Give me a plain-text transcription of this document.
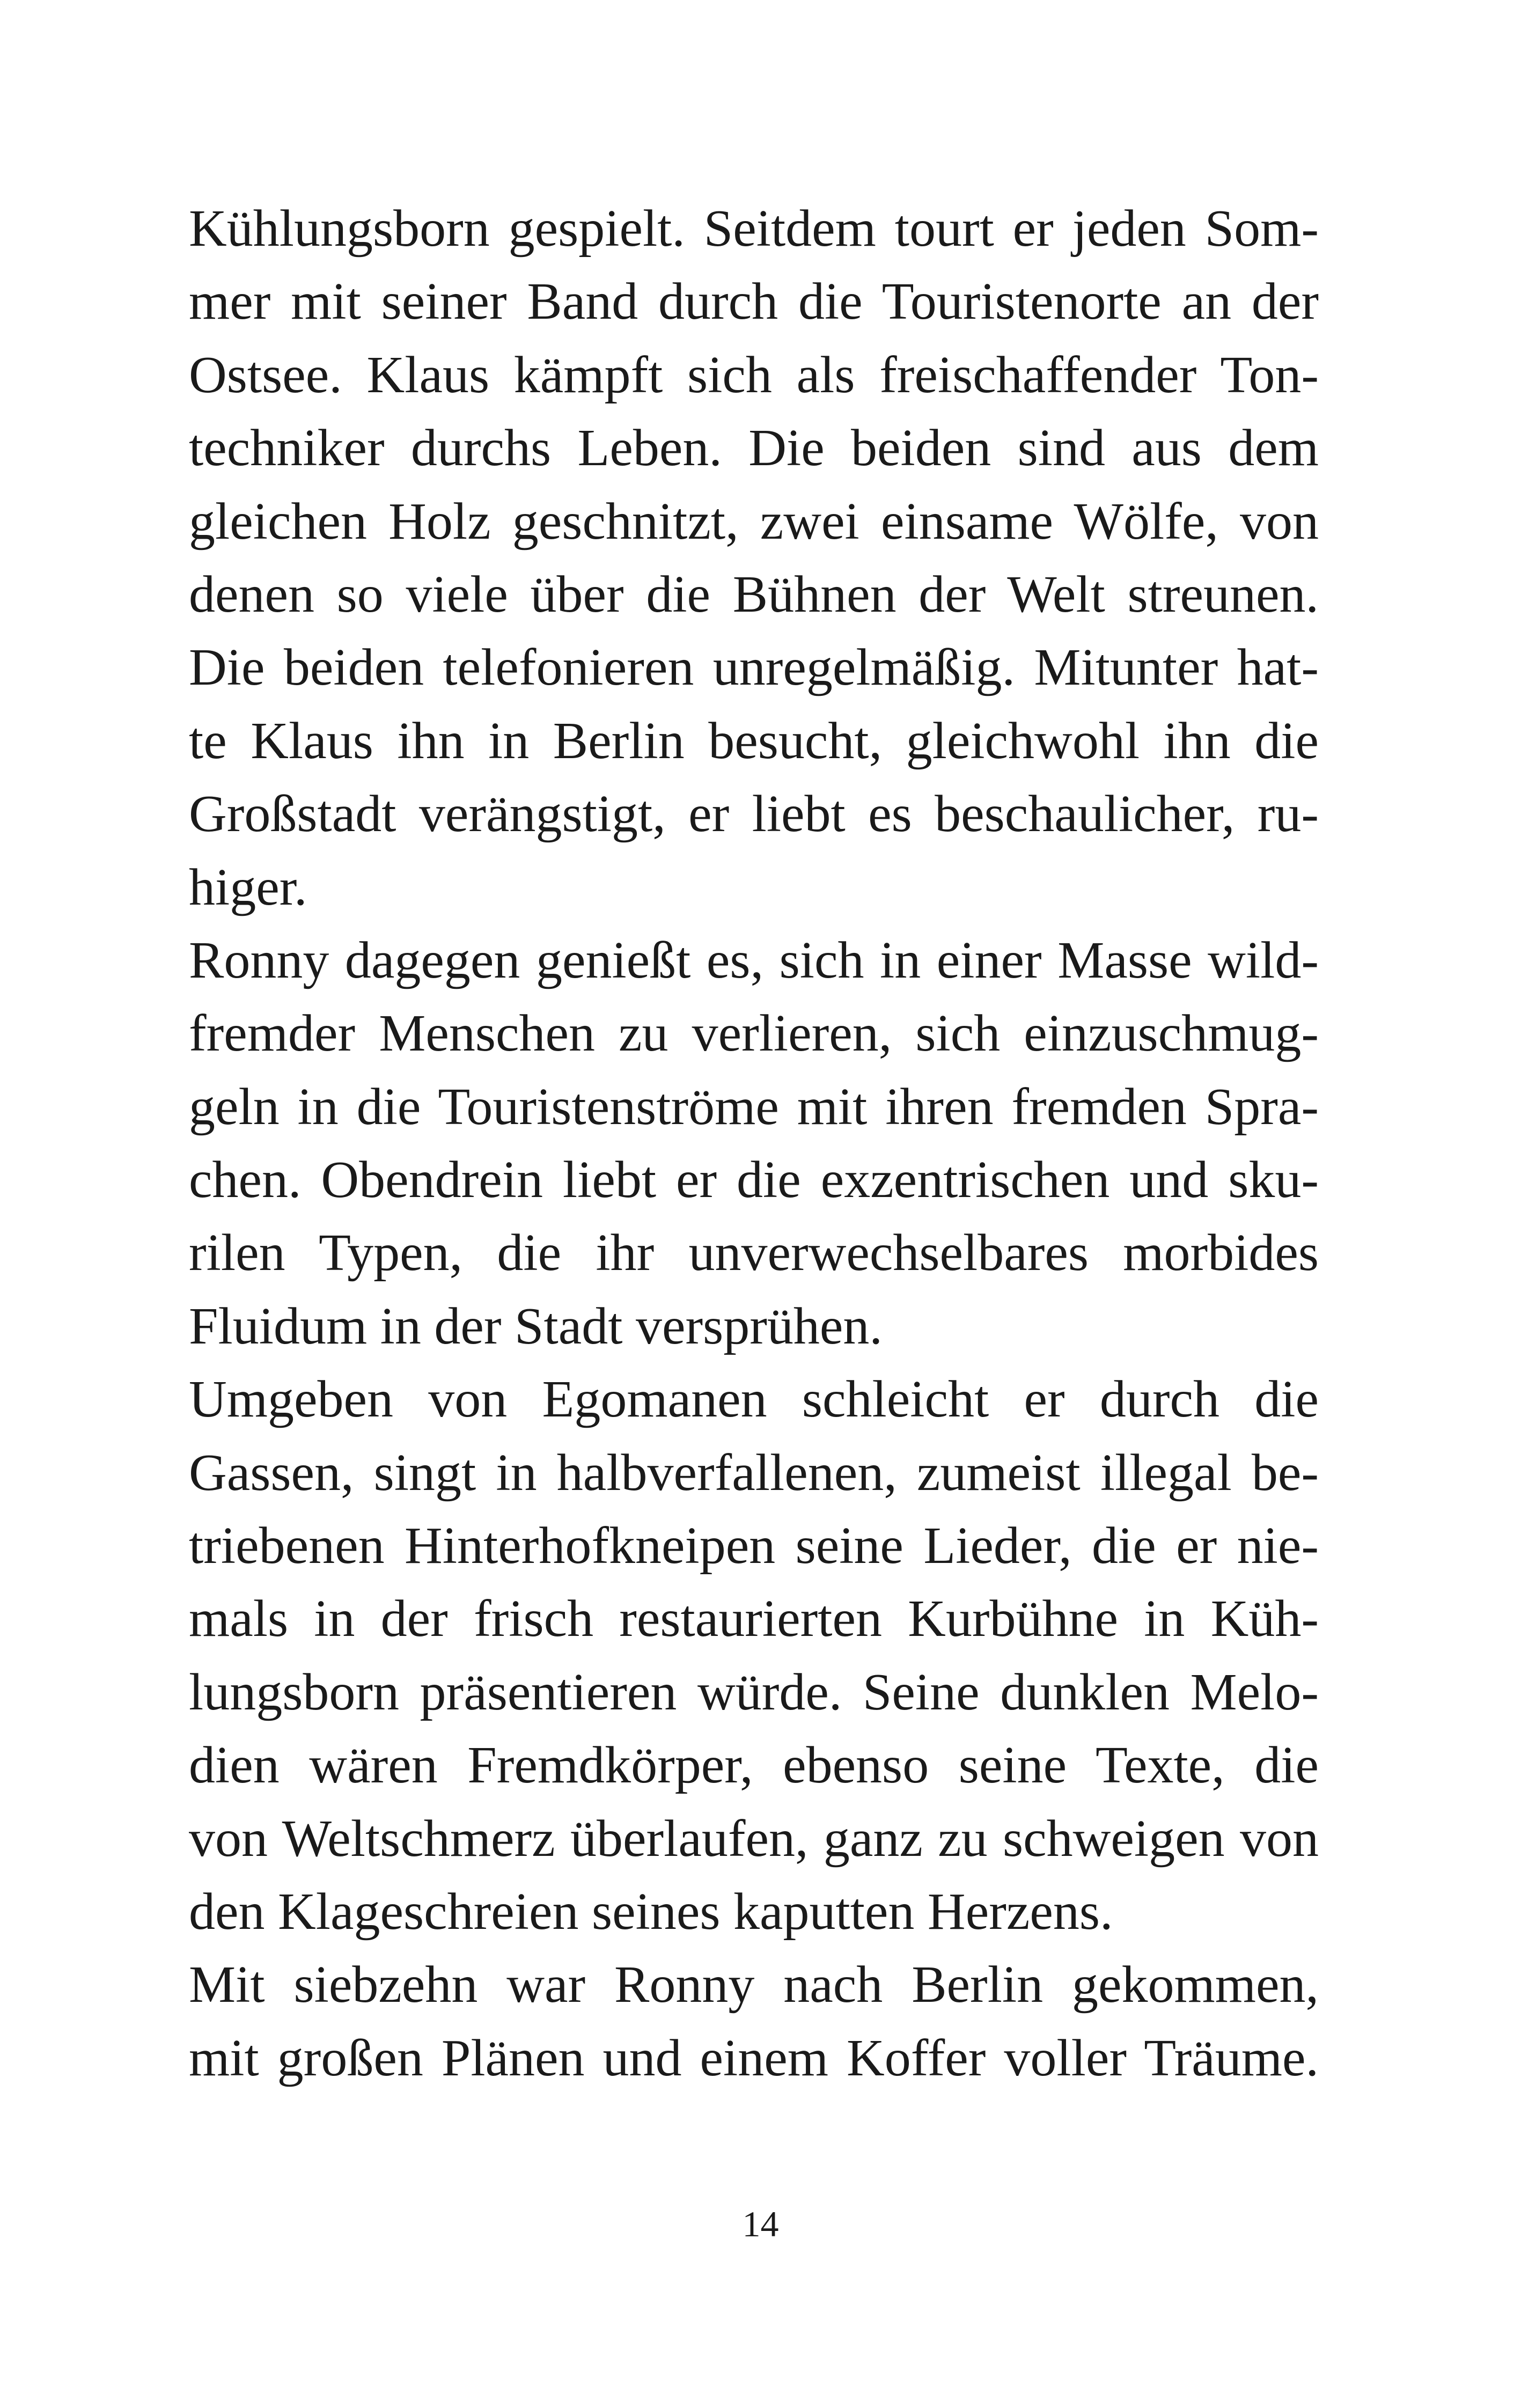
Kühlungsborn gespielt. Seitdem tourt er jeden Som-
mer mit seiner Band durch die Touristenorte an der
Ostsee. Klaus kämpft sich als freischaffender Ton-
techniker durchs Leben. Die beiden sind aus dem
gleichen Holz geschnitzt, zwei einsame Wölfe, von
denen so viele über die Bühnen der Welt streunen.
Die beiden telefonieren unregelmäßig. Mitunter hat-
te Klaus ihn in Berlin besucht, gleichwohl ihn die
Großstadt verängstigt, er liebt es beschaulicher, ru-
higer.
Ronny dagegen genießt es, sich in einer Masse wild-
fremder Menschen zu verlieren, sich einzuschmug-
geln in die Touristenströme mit ihren fremden Spra-
chen. Obendrein liebt er die exzentrischen und sku-
rilen Typen, die ihr unverwechselbares morbides
Fluidum in der Stadt versprühen.
Umgeben von Egomanen schleicht er durch die
Gassen, singt in halbverfallenen, zumeist illegal be-
triebenen Hinterhofkneipen seine Lieder, die er nie-
mals in der frisch restaurierten Kurbühne in Küh-
lungsborn präsentieren würde. Seine dunklen Melo-
dien wären Fremdkörper, ebenso seine Texte, die
von Weltschmerz überlaufen, ganz zu schweigen von
den Klageschreien seines kaputten Herzens.
Mit siebzehn war Ronny nach Berlin gekommen,
mit großen Plänen und einem Koffer voller Träume.
14
